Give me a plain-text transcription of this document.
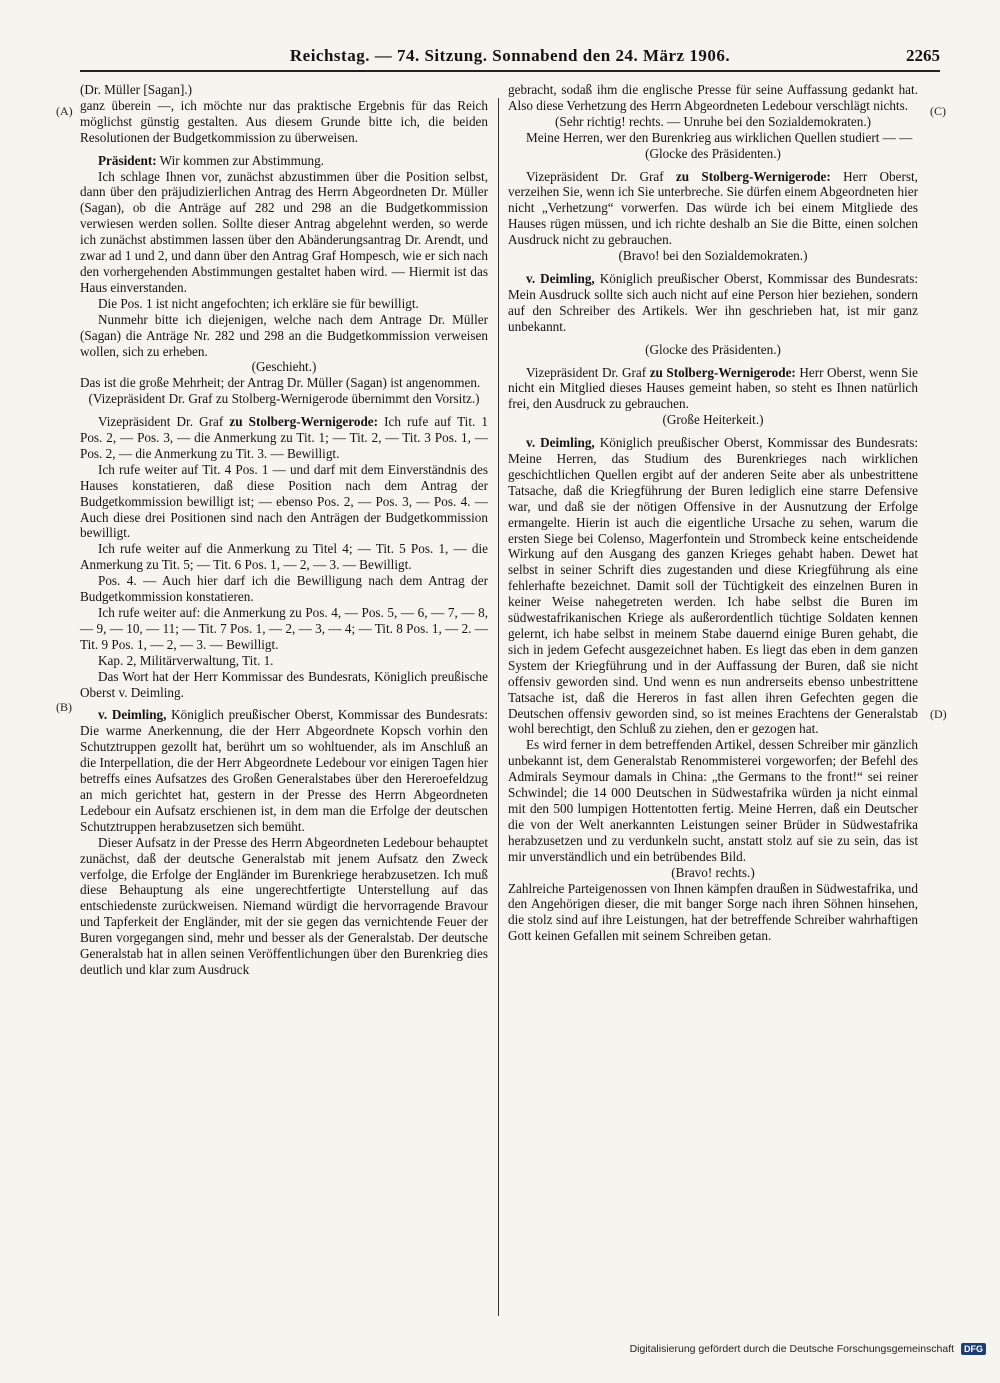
Reichstag. — 74. Sitzung. Sonnabend den 24. März 1906.	2265
(A)
(B)
(C)
(D)

(Dr. Müller [Sagan].)

ganz überein —, ich möchte nur das praktische Ergebnis für das Reich möglichst günstig gestalten. Aus diesem Grunde bitte ich, die beiden Resolutionen der Budgetkommission zu überweisen.

Präsident: Wir kommen zur Abstimmung.

Ich schlage Ihnen vor, zunächst abzustimmen über die Position selbst, dann über den präjudizierlichen Antrag des Herrn Abgeordneten Dr. Müller (Sagan), ob die Anträge auf 282 und 298 an die Budgetkommission verwiesen werden sollen. Sollte dieser Antrag abgelehnt werden, so werde ich zunächst abstimmen lassen über den Abänderungsantrag Dr. Arendt, und zwar ad 1 und 2, und dann über den Antrag Graf Hompesch, wie er sich nach den vorhergehenden Abstimmungen gestaltet haben wird. — Hiermit ist das Haus einverstanden.

Die Pos. 1 ist nicht angefochten; ich erkläre sie für bewilligt.

Nunmehr bitte ich diejenigen, welche nach dem Antrage Dr. Müller (Sagan) die Anträge Nr. 282 und 298 an die Budgetkommission verweisen wollen, sich zu erheben.

(Geschieht.)

Das ist die große Mehrheit; der Antrag Dr. Müller (Sagan) ist angenommen.

(Vizepräsident Dr. Graf zu Stolberg-Wernigerode übernimmt den Vorsitz.)

Vizepräsident Dr. Graf zu Stolberg-Wernigerode: Ich rufe auf Tit. 1 Pos. 2, — Pos. 3, — die Anmerkung zu Tit. 1; — Tit. 2, — Tit. 3 Pos. 1, — Pos. 2, — die Anmerkung zu Tit. 3. — Bewilligt.

Ich rufe weiter auf Tit. 4 Pos. 1 — und darf mit dem Einverständnis des Hauses konstatieren, daß diese Position nach dem Antrag der Budgetkommission bewilligt ist; — ebenso Pos. 2, — Pos. 3, — Pos. 4. — Auch diese drei Positionen sind nach den Anträgen der Budgetkommission bewilligt.

Ich rufe weiter auf die Anmerkung zu Titel 4; — Tit. 5 Pos. 1, — die Anmerkung zu Tit. 5; — Tit. 6 Pos. 1, — 2, — 3. — Bewilligt.

Pos. 4. — Auch hier darf ich die Bewilligung nach dem Antrag der Budgetkommission konstatieren.

Ich rufe weiter auf: die Anmerkung zu Pos. 4, — Pos. 5, — 6, — 7, — 8, — 9, — 10, — 11; — Tit. 7 Pos. 1, — 2, — 3, — 4; — Tit. 8 Pos. 1, — 2. — Tit. 9 Pos. 1, — 2, — 3. — Bewilligt.

Kap. 2, Militärverwaltung, Tit. 1.

Das Wort hat der Herr Kommissar des Bundesrats, Königlich preußische Oberst v. Deimling.

v. Deimling, Königlich preußischer Oberst, Kommissar des Bundesrats: Die warme Anerkennung, die der Herr Abgeordnete Kopsch vorhin den Schutztruppen gezollt hat, berührt um so wohltuender, als im Anschluß an die Interpellation, die der Herr Abgeordnete Ledebour vor einigen Tagen hier betreffs eines Aufsatzes des Großen Generalstabes über den Hereroefeldzug an mich gerichtet hat, gestern in der Presse des Herrn Abgeordneten Ledebour ein Aufsatz erschienen ist, in dem man die Erfolge der deutschen Schutztruppen herabzusetzen sich bemüht.

Dieser Aufsatz in der Presse des Herrn Abgeordneten Ledebour behauptet zunächst, daß der deutsche Generalstab mit jenem Aufsatz den Zweck verfolge, die Erfolge der Engländer im Burenkriege herabzusetzen. Ich muß diese Behauptung als eine ungerechtfertigte Unterstellung auf das entschiedenste zurückweisen. Niemand würdigt die hervorragende Bravour und Tapferkeit der Engländer, mit der sie gegen das vernichtende Feuer der Buren vorgegangen sind, mehr und besser als der Generalstab. Der deutsche Generalstab hat in allen seinen Veröffentlichungen über den Burenkrieg dies deutlich und klar zum Ausdruck

gebracht, sodaß ihm die englische Presse für seine Auffassung gedankt hat. Also diese Verhetzung des Herrn Abgeordneten Ledebour verschlägt nichts.

(Sehr richtig! rechts. — Unruhe bei den Sozialdemokraten.)

Meine Herren, wer den Burenkrieg aus wirklichen Quellen studiert — —

(Glocke des Präsidenten.)

Vizepräsident Dr. Graf zu Stolberg-Wernigerode: Herr Oberst, verzeihen Sie, wenn ich Sie unterbreche. Sie dürfen einem Abgeordneten hier nicht „Verhetzung“ vorwerfen. Das würde ich bei einem Mitgliede des Hauses rügen müssen, und ich richte deshalb an Sie die Bitte, einen solchen Ausdruck nicht zu gebrauchen.

(Bravo! bei den Sozialdemokraten.)

v. Deimling, Königlich preußischer Oberst, Kommissar des Bundesrats: Mein Ausdruck sollte sich auch nicht auf eine Person hier beziehen, sondern auf den Schreiber des Artikels. Wer ihn geschrieben hat, ist mir ganz unbekannt.

(Glocke des Präsidenten.)

Vizepräsident Dr. Graf zu Stolberg-Wernigerode: Herr Oberst, wenn Sie nicht ein Mitglied dieses Hauses gemeint haben, so steht es Ihnen natürlich frei, den Ausdruck zu gebrauchen.

(Große Heiterkeit.)

v. Deimling, Königlich preußischer Oberst, Kommissar des Bundesrats: Meine Herren, das Studium des Burenkrieges nach wirklichen geschichtlichen Quellen ergibt auf der anderen Seite aber als unbestrittene Tatsache, daß die Kriegführung der Buren lediglich eine starre Defensive war, und daß sie der nötigen Offensive in der Ausnutzung der Erfolge ermangelte. Hierin ist auch die eigentliche Ursache zu sehen, warum die ersten Siege bei Colenso, Magerfontein und Strombeck keine entscheidende Wirkung auf den Ausgang des ganzen Krieges gehabt haben. Dewet hat selbst in seiner Schrift dies zugestanden und diese Kriegführung als eine fehlerhafte bezeichnet. Damit soll der Tüchtigkeit des einzelnen Buren in keiner Weise nahegetreten werden. Ich habe selbst die Buren im südwestafrikanischen Kriege als außerordentlich tüchtige Soldaten kennen gelernt, ich habe selbst in meinem Stabe dauernd einige Buren gehabt, die sich in jedem Gefecht ausgezeichnet haben. Es liegt das eben in dem ganzen System der Kriegführung und in der Auffassung der Buren, daß sie nicht offensiv geworden sind. Und wenn es nun andrerseits ebenso unbestrittene Tatsache ist, daß die Hereros in fast allen ihren Gefechten gegen die Deutschen offensiv geworden sind, so ist meines Erachtens der Generalstab wohl berechtigt, den Schluß zu ziehen, den er gezogen hat.

Es wird ferner in dem betreffenden Artikel, dessen Schreiber mir gänzlich unbekannt ist, dem Generalstab Renommisterei vorgeworfen; der Befehl des Admirals Seymour damals in China: „the Germans to the front!“ sei reiner Schwindel; die 14 000 Deutschen in Südwestafrika würden ja nicht einmal mit den 500 lumpigen Hottentotten fertig. Meine Herren, daß ein Deutscher die von der Welt anerkannten Leistungen seiner Brüder in Südwestafrika herabzusetzen und zu verdunkeln sucht, anstatt stolz auf sie zu sein, das ist mir unverständlich und ein betrübendes Bild.

(Bravo! rechts.)

Zahlreiche Parteigenossen von Ihnen kämpfen draußen in Südwestafrika, und den Angehörigen dieser, die mit banger Sorge nach ihren Söhnen hinsehen, die stolz sind auf ihre Leistungen, hat der betreffende Schreiber wahrhaftigen Gott keinen Gefallen mit seinem Schreiben getan.

Digitalisierung gefördert durch die Deutsche Forschungsgemeinschaft DFG
